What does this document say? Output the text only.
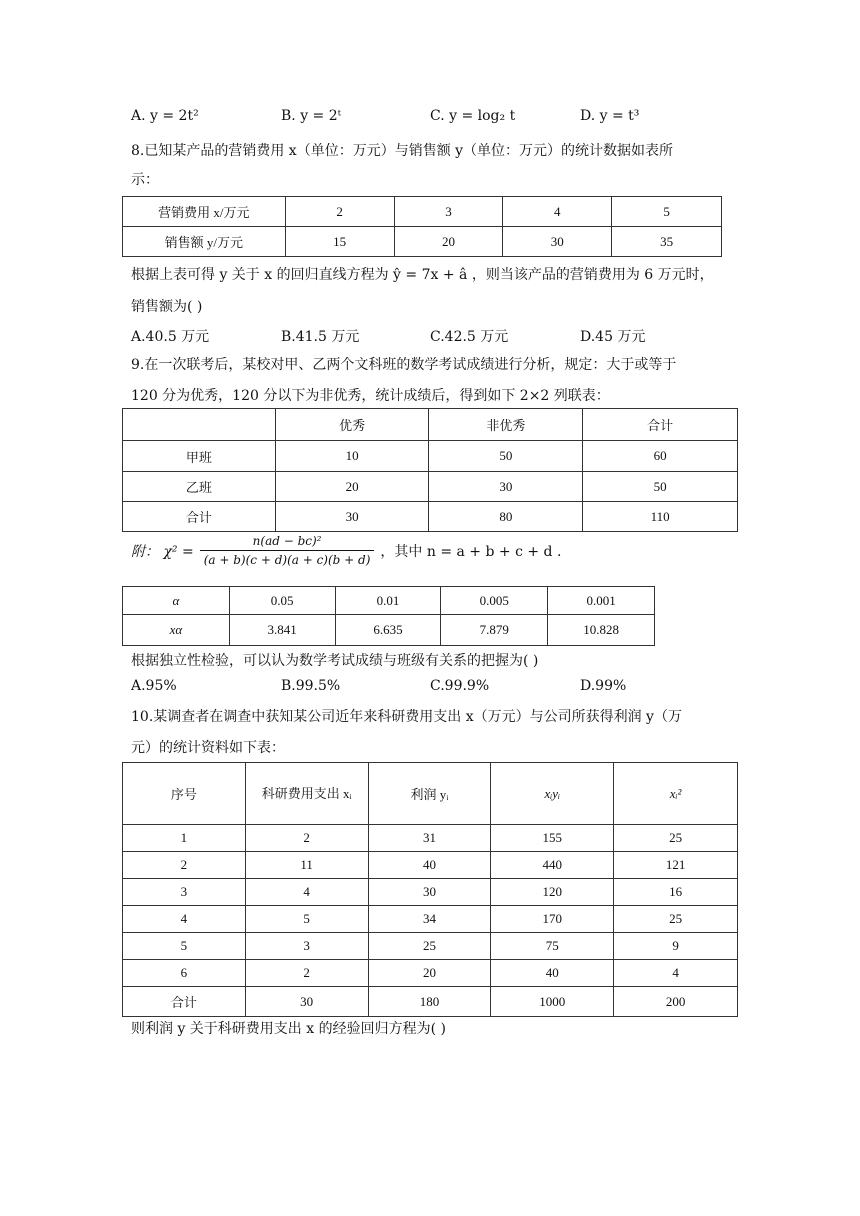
A. y = 2t²	B. y = 2ᵗ	C. y = log₂ t	D. y = t³
8.已知某产品的营销费用 x（单位：万元）与销售额 y（单位：万元）的统计数据如表所
示：
营销费用 x/万元	2	3	4	5
销售额 y/万元	15	20	30	35
根据上表可得 y 关于 x 的回归直线方程为 ŷ = 7x + â ，则当该产品的营销费用为 6 万元时，
销售额为( )
A.40.5 万元	B.41.5 万元	C.42.5 万元	D.45 万元
9.在一次联考后，某校对甲、乙两个文科班的数学考试成绩进行分析，规定：大于或等于
120 分为优秀，120 分以下为非优秀，统计成绩后，得到如下 2×2 列联表：
	优秀	非优秀	合计
甲班	10	50	60
乙班	20	30	50
合计	30	80	110
附： $\chi^2 = \frac{\text{n(ad − bc)²}}{(a + b)(c + d)(a + c)(b + d)}$ ，其中 n = a + b + c + d .
α	0.05	0.01	0.005	0.001
xα	3.841	6.635	7.879	10.828
根据独立性检验，可以认为数学考试成绩与班级有关系的把握为( )
A.95%	B.99.5%	C.99.9%	D.99%
10.某调查者在调查中获知某公司近年来科研费用支出 x（万元）与公司所获得利润 y（万
元）的统计资料如下表：
序号	科研费用支出 xᵢ	利润 yᵢ	xᵢyᵢ	xᵢ²
1	2	31	155	25
2	11	40	440	121
3	4	30	120	16
4	5	34	170	25
5	3	25	75	9
6	2	20	40	4
合计	30	180	1000	200
则利润 y 关于科研费用支出 x 的经验回归方程为( )
